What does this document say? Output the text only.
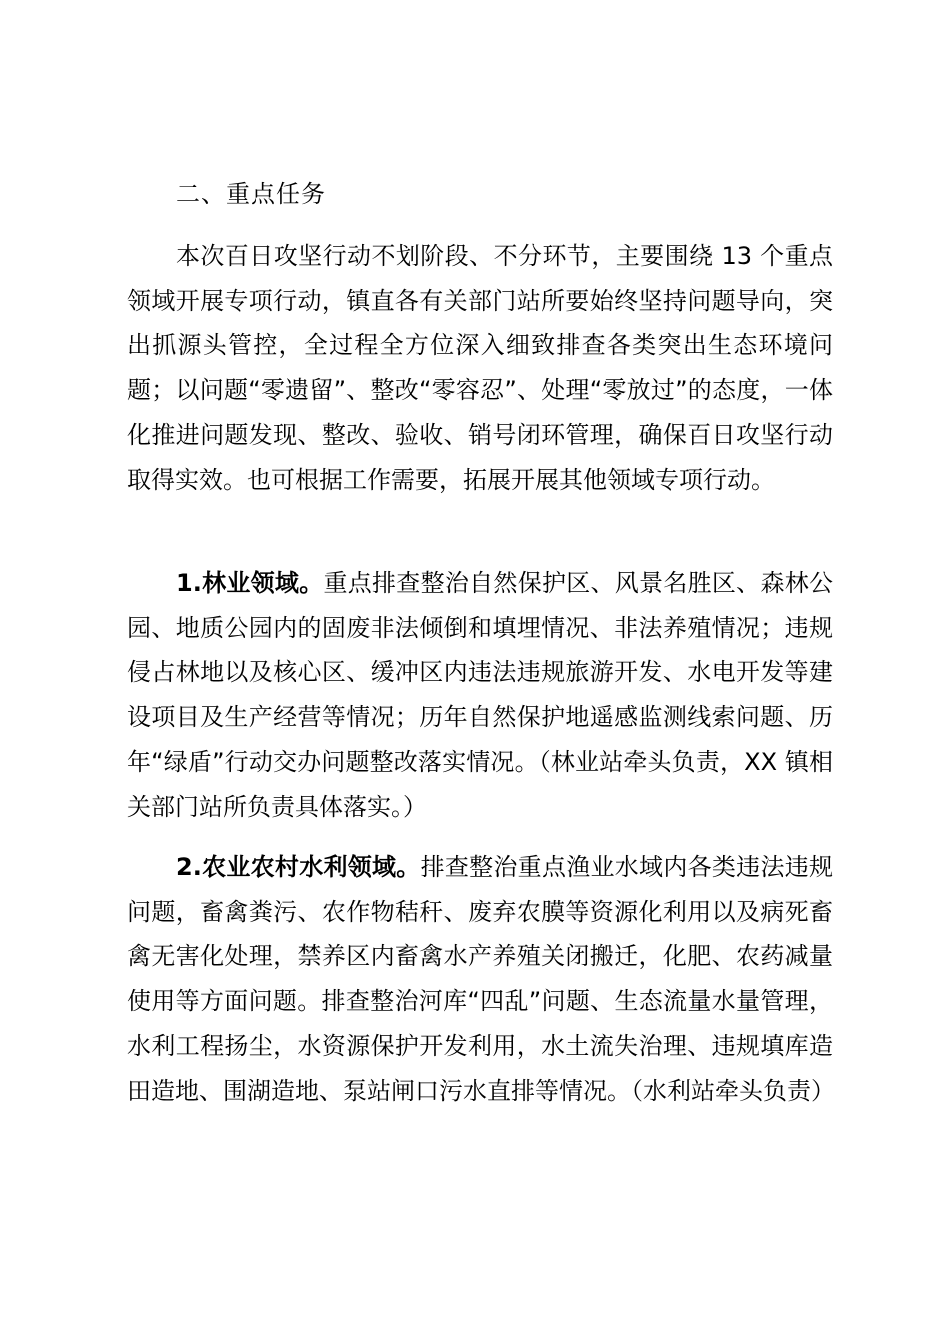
二、重点任务

本次百日攻坚行动不划阶段、不分环节，主要围绕 13 个重点领域开展专项行动，镇直各有关部门站所要始终坚持问题导向，突出抓源头管控，全过程全方位深入细致排查各类突出生态环境问题；以问题“零遗留”、整改“零容忍”、处理“零放过”的态度，一体化推进问题发现、整改、验收、销号闭环管理，确保百日攻坚行动取得实效。也可根据工作需要，拓展开展其他领域专项行动。

1.林业领域。重点排查整治自然保护区、风景名胜区、森林公园、地质公园内的固废非法倾倒和填埋情况、非法养殖情况；违规侵占林地以及核心区、缓冲区内违法违规旅游开发、水电开发等建设项目及生产经营等情况；历年自然保护地遥感监测线索问题、历年“绿盾”行动交办问题整改落实情况。（林业站牵头负责，XX 镇相关部门站所负责具体落实。）

2.农业农村水利领域。排查整治重点渔业水域内各类违法违规问题，畜禽粪污、农作物秸秆、废弃农膜等资源化利用以及病死畜禽无害化处理，禁养区内畜禽水产养殖关闭搬迁，化肥、农药减量使用等方面问题。排查整治河库“四乱”问题、生态流量水量管理，水利工程扬尘，水资源保护开发利用，水土流失治理、违规填库造田造地、围湖造地、泵站闸口污水直排等情况。（水利站牵头负责）
